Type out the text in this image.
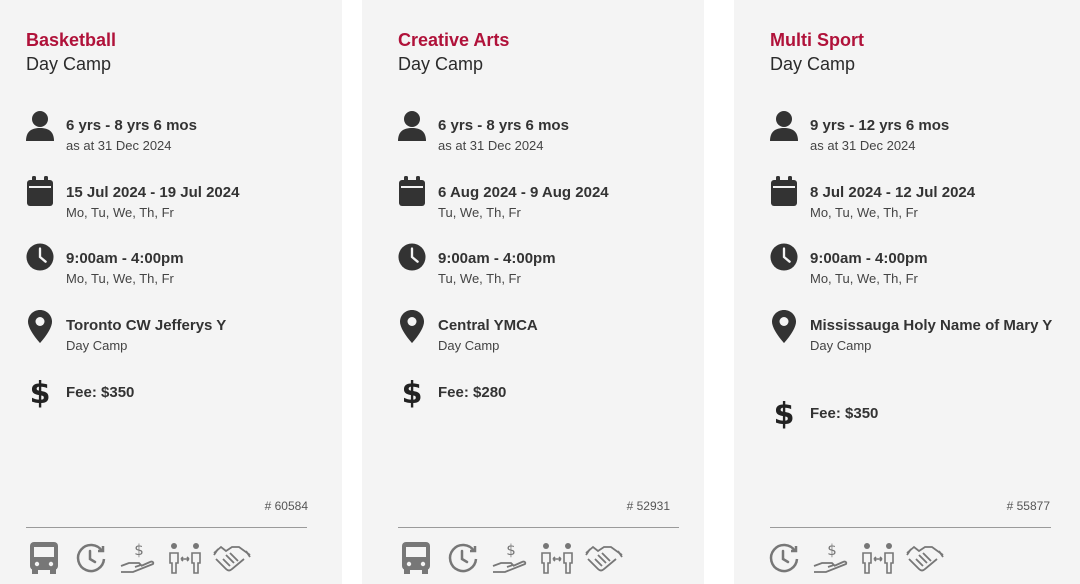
Basketball
Day Camp
6 yrs - 8 yrs 6 mos
as at 31 Dec 2024
15 Jul 2024 - 19 Jul 2024
Mo, Tu, We, Th, Fr
9:00am - 4:00pm
Mo, Tu, We, Th, Fr
Toronto CW Jefferys Y
Day Camp
$ Fee: $350
# 60584
$
Creative Arts
Day Camp
6 yrs - 8 yrs 6 mos
as at 31 Dec 2024
6 Aug 2024 - 9 Aug 2024
Tu, We, Th, Fr
9:00am - 4:00pm
Tu, We, Th, Fr
Central YMCA
Day Camp
$ Fee: $280
# 52931
$
Multi Sport
Day Camp
9 yrs - 12 yrs 6 mos
as at 31 Dec 2024
8 Jul 2024 - 12 Jul 2024
Mo, Tu, We, Th, Fr
9:00am - 4:00pm
Mo, Tu, We, Th, Fr
Mississauga Holy Name of Mary Y
Day Camp
$ Fee: $350
# 55877
$
